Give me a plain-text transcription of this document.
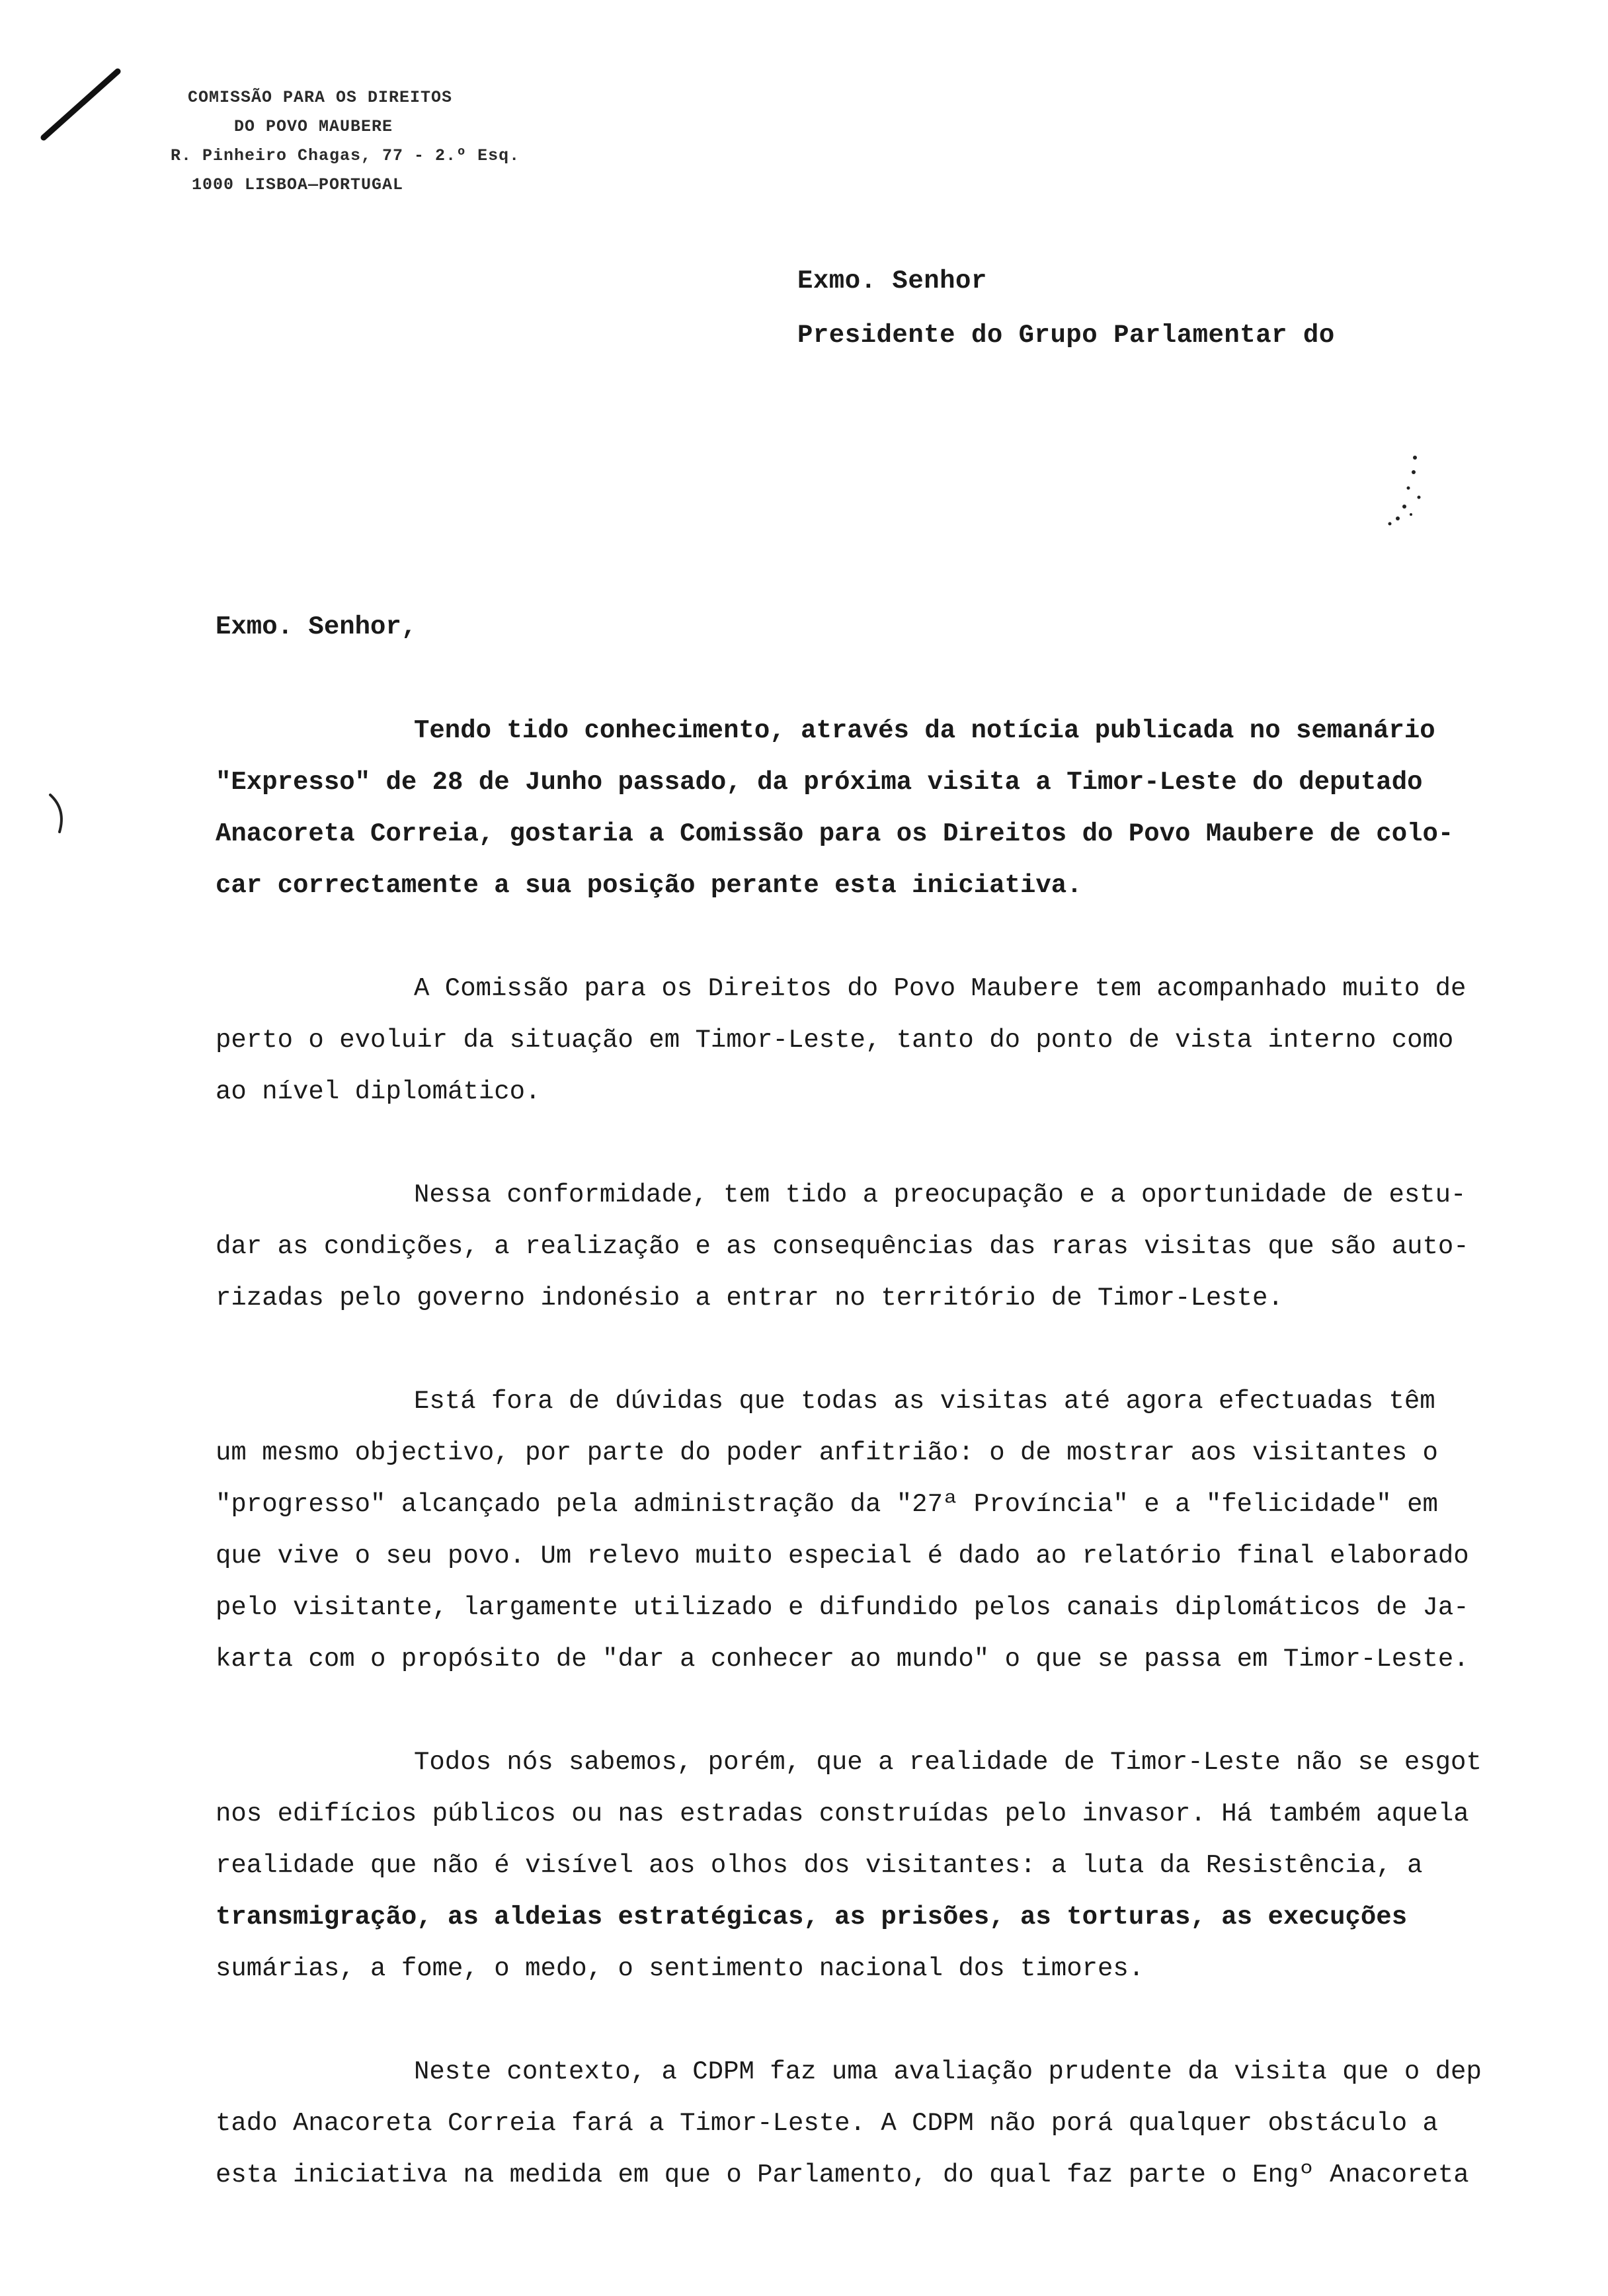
COMISSÃO PARA OS DIREITOS
DO POVO MAUBERE
R. Pinheiro Chagas, 77 - 2.º Esq.
1000 LISBOA—PORTUGAL
Exmo. Senhor
Presidente do Grupo Parlamentar do
Exmo. Senhor,
Tendo tido conhecimento, através da notícia publicada no semanário
"Expresso" de 28 de Junho passado, da próxima visita a Timor-Leste do deputado
Anacoreta Correia, gostaria a Comissão para os Direitos do Povo Maubere de colo-
car correctamente a sua posição perante esta iniciativa.
A Comissão para os Direitos do Povo Maubere tem acompanhado muito de
perto o evoluir da situação em Timor-Leste, tanto do ponto de vista interno como
ao nível diplomático.
Nessa conformidade, tem tido a preocupação e a oportunidade de estu-
dar as condições, a realização e as consequências das raras visitas que são auto-
rizadas pelo governo indonésio a entrar no território de Timor-Leste.
Está fora de dúvidas que todas as visitas até agora efectuadas têm
um mesmo objectivo, por parte do poder anfitrião: o de mostrar aos visitantes o
"progresso" alcançado pela administração da "27ª Província" e a "felicidade" em
que vive o seu povo. Um relevo muito especial é dado ao relatório final elaborado
pelo visitante, largamente utilizado e difundido pelos canais diplomáticos de Ja-
karta com o propósito de "dar a conhecer ao mundo" o que se passa em Timor-Leste.
Todos nós sabemos, porém, que a realidade de Timor-Leste não se esgot
nos edifícios públicos ou nas estradas construídas pelo invasor. Há também aquela
realidade que não é visível aos olhos dos visitantes: a luta da Resistência, a
transmigração, as aldeias estratégicas, as prisões, as torturas, as execuções
sumárias, a fome, o medo, o sentimento nacional dos timores.
Neste contexto, a CDPM faz uma avaliação prudente da visita que o dep
tado Anacoreta Correia fará a Timor-Leste. A CDPM não porá qualquer obstáculo a
esta iniciativa na medida em que o Parlamento, do qual faz parte o Engº Anacoreta
